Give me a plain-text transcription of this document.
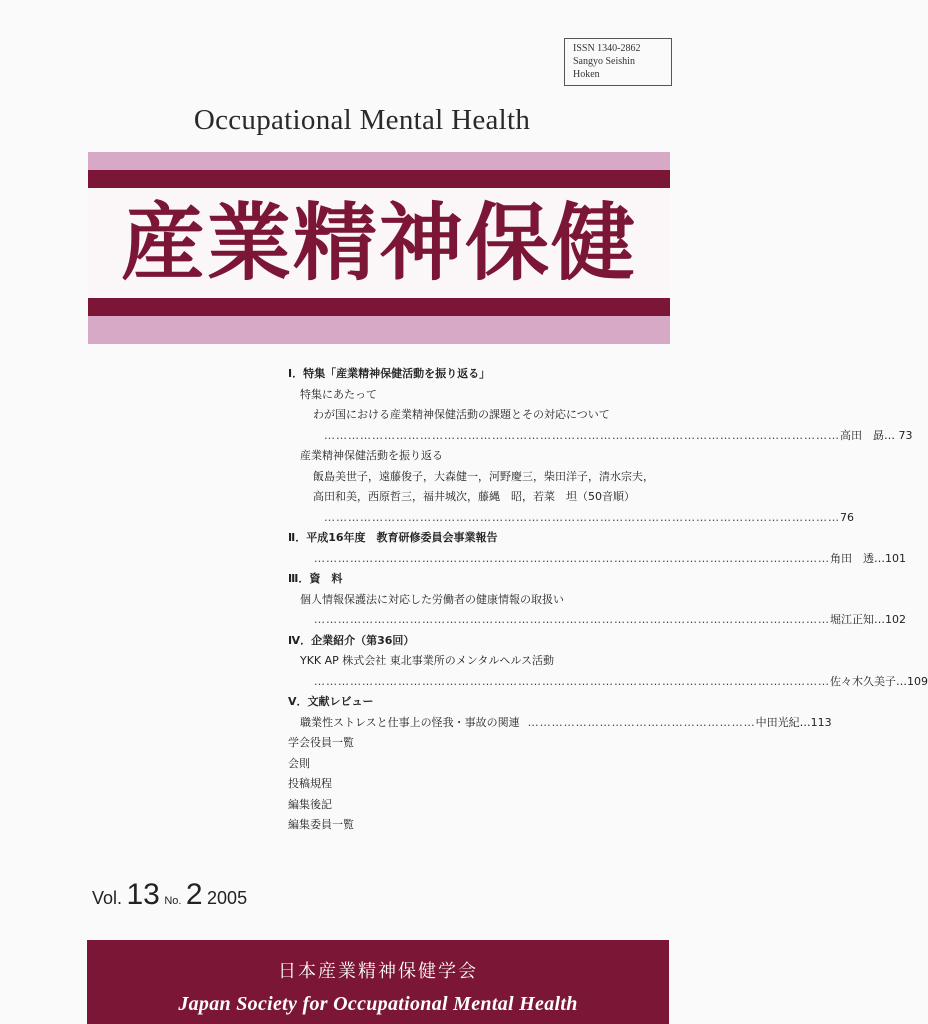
ISSN 1340-2862
Sangyo Seishin
Hoken
Occupational Mental Health
産業精神保健
Ⅰ．特集「産業精神保健活動を振り返る」
特集にあたって
わが国における産業精神保健活動の課題とその対応について
………………………………………………………………………………………………………………… 高田　勗… 73
産業精神保健活動を振り返る
飯島美世子，遠藤俊子，大森健一，河野慶三，柴田洋子，清水宗夫，
高田和美，西原哲三，福井城次，藤縄　昭，若菜　坦（50音順）
………………………………………………………………………………………………………………… 76
Ⅱ．平成16年度　教育研修委員会事業報告
………………………………………………………………………………………………………………… 角田　透…101
Ⅲ．資　料
個人情報保護法に対応した労働者の健康情報の取扱い
………………………………………………………………………………………………………………… 堀江正知…102
Ⅳ．企業紹介（第36回）
YKK AP 株式会社 東北事業所のメンタルヘルス活動
………………………………………………………………………………………………………………… 佐々木久美子…109
Ⅴ．文献レビュー
職業性ストレスと仕事上の怪我・事故の関連 ………………………………………………… 中田光紀…113
学会役員一覧
会則
投稿規程
編集後記
編集委員一覧
Vol. 13 No. 2 2005
日本産業精神保健学会
Japan Society for Occupational Mental Health
